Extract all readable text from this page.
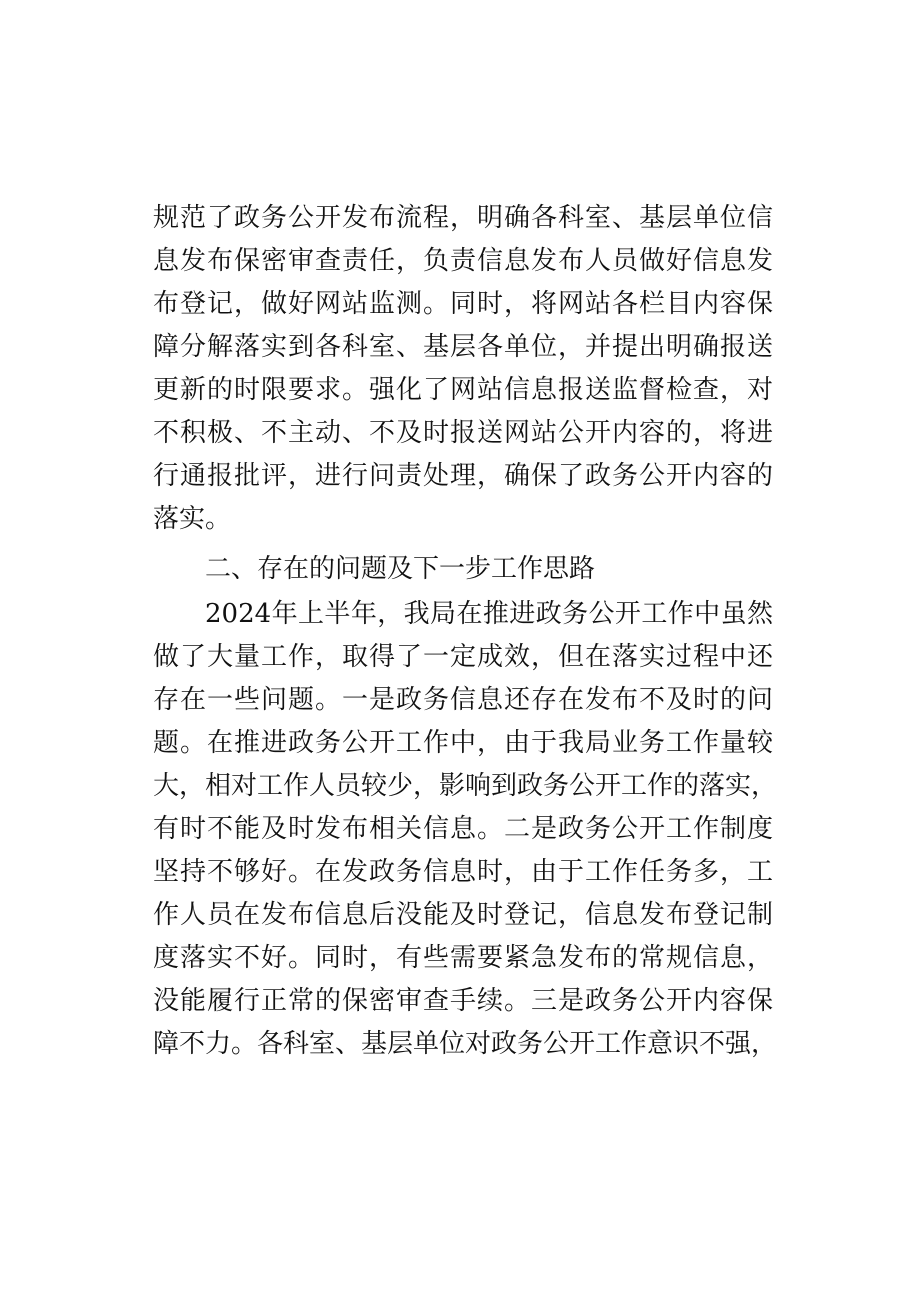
规范了政务公开发布流程，明确各科室、基层单位信
息发布保密审查责任，负责信息发布人员做好信息发
布登记，做好网站监测。同时，将网站各栏目内容保
障分解落实到各科室、基层各单位，并提出明确报送
更新的时限要求。强化了网站信息报送监督检查，对
不积极、不主动、不及时报送网站公开内容的，将进
行通报批评，进行问责处理，确保了政务公开内容的
落实。
二、存在的问题及下一步工作思路
2024年上半年，我局在推进政务公开工作中虽然
做了大量工作，取得了一定成效，但在落实过程中还
存在一些问题。一是政务信息还存在发布不及时的问
题。在推进政务公开工作中，由于我局业务工作量较
大，相对工作人员较少，影响到政务公开工作的落实，
有时不能及时发布相关信息。二是政务公开工作制度
坚持不够好。在发政务信息时，由于工作任务多，工
作人员在发布信息后没能及时登记，信息发布登记制
度落实不好。同时，有些需要紧急发布的常规信息，
没能履行正常的保密审查手续。三是政务公开内容保
障不力。各科室、基层单位对政务公开工作意识不强，
